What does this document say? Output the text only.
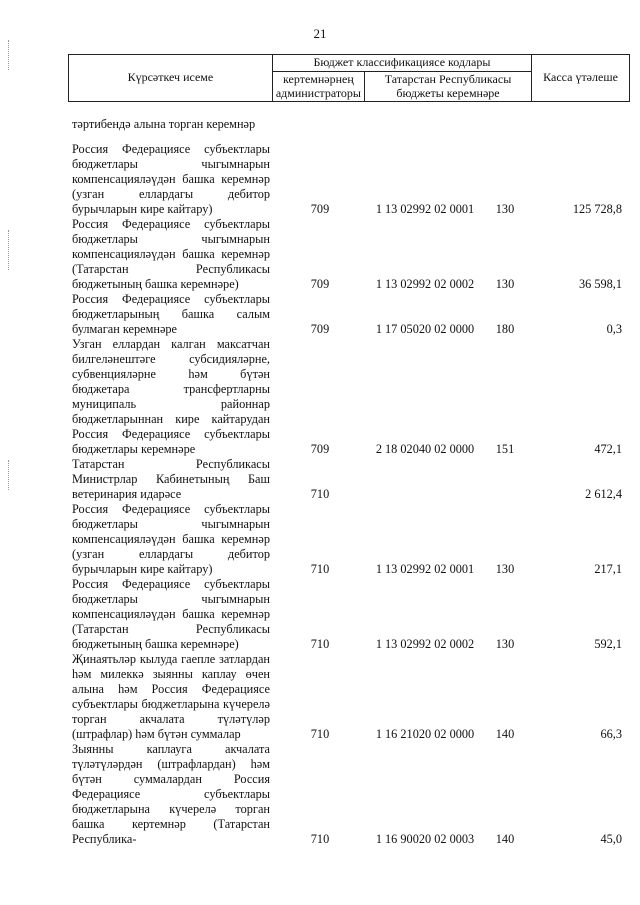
21
Күрсәткеч исеме	Бюджет классификациясе кодлары		Касса үтәлеше
	кертемнәрнең администраторы	Татарстан Республикасы бюджеты керемнәре	
тәртибендә алына торган керемнәр
Россия Федерациясе субъектлары бюджетлары чыгымнарын компенсацияләүдән башка керемнәр (узган еллардагы дебитор бурычларын кире кайтару)	709	1 13 02992 02 0001	130	125 728,8
Россия Федерациясе субъектлары бюджетлары чыгымнарын компенсацияләүдән башка керемнәр (Татарстан Республикасы бюджетының башка керемнәре)	709	1 13 02992 02 0002	130	36 598,1
Россия Федерациясе субъектлары бюджетларының башка салым булмаган керемнәре	709	1 17 05020 02 0000	180	0,3
Узган еллардан калган максатчан билгеләнештәге субсидияләрне, субвенцияләрне һәм бүтән бюджетара трансфертларны муниципаль районнар бюджетларыннан кире кайтарудан Россия Федерациясе субъектлары бюджетлары керемнәре	709	2 18 02040 02 0000	151	472,1
Татарстан Республикасы Министрлар Кабинетының Баш ветеринария идарәсе	710	2 612,4
Россия Федерациясе субъектлары бюджетлары чыгымнарын компенсацияләүдән башка керемнәр (узган еллардагы дебитор бурычларын кире кайтару)	710	1 13 02992 02 0001	130	217,1
Россия Федерациясе субъектлары бюджетлары чыгымнарын компенсацияләүдән башка керемнәр (Татарстан Республикасы бюджетының башка керемнәре)	710	1 13 02992 02 0002	130	592,1
Җинаятьләр кылуда гаепле затлардан һәм милеккә зыянны каплау өчен алына һәм Россия Федерациясе субъектлары бюджетларына күчерелә торган акчалата түләтүләр (штрафлар) һәм бүтән суммалар	710	1 16 21020 02 0000	140	66,3
Зыянны каплауга акчалата түләтүләрдән (штрафлардан) һәм бүтән суммалардан Россия Федерациясе субъектлары бюджетларына күчерелә торган башка кертемнәр (Татарстан Республика-	710	1 16 90020 02 0003	140	45,0
